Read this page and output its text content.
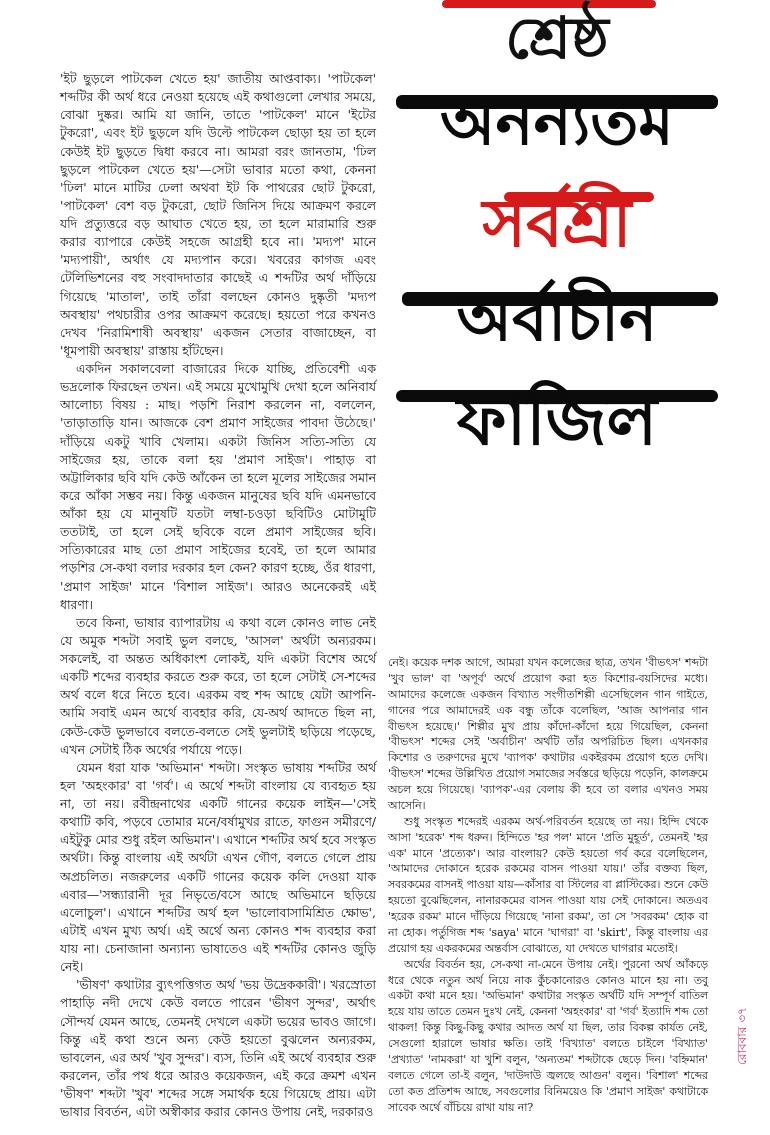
শ্রেষ্ঠ
অনন্যতম
সর্বশ্রী
অর্বাচীন
ফাজিল

'ইট ছুড়লে পাটকেল খেতে হয়' জাতীয় আপ্তবাক্য। 'পাটকেল' শব্দটির কী অর্থ ধরে নেওয়া হয়েছে এই কথাগুলো লেখার সময়ে, বোঝা দুষ্কর। আমি যা জানি, তাতে 'পাটকেল' মানে 'ইটের টুকরো', এবং ইট ছুড়লে যদি উল্টে পাটকেল ছোড়া হয় তা হলে কেউই ইট ছুড়তে দ্বিধা করবে না। আমরা বরং জানতাম, 'ঢিল ছুড়লে পাটকেল খেতে হয়'—সেটা ভাবার মতো কথা, কেননা 'ঢিল' মানে মাটির ঢেলা অথবা ইট কি পাথরের ছোট টুকরো, 'পাটকেল' বেশ বড় টুকরো, ছোট জিনিস দিয়ে আক্রমণ করলে যদি প্রত্যুত্তরে বড় আঘাত খেতে হয়, তা হলে মারামারি শুরু করার ব্যাপারে কেউই সহজে আগ্রহী হবে না। 'মদ্যপ' মানে 'মদ্যপায়ী', অর্থাৎ যে মদ্যপান করে। খবরের কাগজ এবং টেলিভিশনের বহু সংবাদদাতার কাছেই এ শব্দটির অর্থ দাঁড়িয়ে গিয়েছে 'মাতাল', তাই তাঁরা বলছেন কোনও দুষ্কৃতী 'মদ্যপ অবস্থায়' পথচারীর ওপর আক্রমণ করেছে। হয়তো পরে কখনও দেখব 'নিরামিশাষী অবস্থায়' একজন সেতার বাজাচ্ছেন, বা 'ধূমপায়ী অবস্থায়' রাস্তায় হাঁটছেন।

একদিন সকালবেলা বাজারের দিকে যাচ্ছি, প্রতিবেশী এক ভদ্রলোক ফিরছেন তখন। এই সময়ে মুখোমুখি দেখা হলে অনিবার্য আলোচ্য বিষয় : মাছ। পড়শি নিরাশ করলেন না, বললেন, 'তাড়াতাড়ি যান। আজকে বেশ প্রমাণ সাইজের পাবদা উঠেছে।' দাঁড়িয়ে একটু খাবি খেলাম। একটা জিনিস সত্যি-সত্যি যে সাইজের হয়, তাকে বলা হয় 'প্রমাণ সাইজ'। পাহাড় বা অট্টালিকার ছবি যদি কেউ আঁকেন তা হলে মূলের সাইজের সমান করে আঁকা সম্ভব নয়। কিন্তু একজন মানুষের ছবি যদি এমনভাবে আঁকা হয় যে মানুষটি যতটা লম্বা-চওড়া ছবিটিও মোটামুটি ততটাই, তা হলে সেই ছবিকে বলে প্রমাণ সাইজের ছবি। সত্যিকারের মাছ তো প্রমাণ সাইজের হবেই, তা হলে আমার পড়শির সে-কথা বলার দরকার হল কেন? কারণ হচ্ছে, ওঁর ধারণা, 'প্রমাণ সাইজ' মানে 'বিশাল সাইজ'। আরও অনেকেরই এই ধারণা।

তবে কিনা, ভাষার ব্যাপারটায় এ কথা বলে কোনও লাভ নেই যে অমুক শব্দটা সবাই ভুল বলছে, 'আসল' অর্থটা অন্যরকম। সকলেই, বা অন্তত অধিকাংশ লোকই, যদি একটা বিশেষ অর্থে একটি শব্দের ব্যবহার করতে শুরু করে, তা হলে সেটাই সে-শব্দের অর্থ বলে ধরে নিতে হবে। এরকম বহু শব্দ আছে যেটা আপনি-আমি সবাই এমন অর্থে ব্যবহার করি, যে-অর্থ আদতে ছিল না, কেউ-কেউ ভুলভাবে বলতে-বলতে সেই ভুলটাই ছড়িয়ে পড়েছে, এখন সেটাই ঠিক অর্থের পর্যায়ে পড়ে।

যেমন ধরা যাক 'অভিমান' শব্দটা। সংস্কৃত ভাষায় শব্দটির অর্থ হল 'অহংকার' বা 'গর্ব'। এ অর্থে শব্দটা বাংলায় যে ব্যবহৃত হয় না, তা নয়। রবীন্দ্রনাথের একটি গানের কয়েক লাইন—'সেই কথাটি কবি, পড়বে তোমার মনে/বর্ষামুখর রাতে, ফাগুন সমীরণে/এইটুকু মোর শুধু রইল অভিমান'। এখানে শব্দটির অর্থ হবে সংস্কৃত অর্থটা। কিন্তু বাংলায় এই অর্থটা এখন গৌণ, বলতে গেলে প্রায় অপ্রচলিত। নজরুলের একটি গানের কয়েক কলি দেওয়া যাক এবার—'সন্ধ্যারানী দূর নিভৃতে/বসে আছে অভিমানে ছড়িয়ে এলোচুল'। এখানে শব্দটির অর্থ হল 'ভালোবাসামিশ্রিত ক্ষোভ', এটাই এখন মুখ্য অর্থ। এই অর্থে অন্য কোনও শব্দ ব্যবহার করা যায় না। চেনাজানা অন্যান্য ভাষাতেও এই শব্দটির কোনও জুড়ি নেই।

'ভীষণ' কথাটার ব্যুৎপত্তিগত অর্থ 'ভয় উদ্রেককারী'। খরস্রোতা পাহাড়ি নদী দেখে কেউ বলতে পারেন 'ভীষণ সুন্দর', অর্থাৎ সৌন্দর্য যেমন আছে, তেমনই দেখলে একটা ভয়ের ভাবও জাগে। কিন্তু এই কথা শুনে অন্য কেউ হয়তো বুঝলেন অন্যরকম, ভাবলেন, এর অর্থ 'খুব সুন্দর'। ব্যস, তিনি এই অর্থে ব্যবহার শুরু করলেন, তাঁর পথ ধরে আরও কয়েকজন, এই করে ক্রমশ এখন 'ভীষণ' শব্দটা 'খুব' শব্দের সঙ্গে সমার্থক হয়ে গিয়েছে প্রায়। এটা ভাষার বিবর্তন, এটা অস্বীকার করার কোনও উপায় নেই, দরকারও

নেই। কয়েক দশক আগে, আমরা যখন কলেজের ছাত্র, তখন 'বীভৎস' শব্দটা 'খুব ভাল' বা 'অপূর্ব' অর্থে প্রয়োগ করা হত কিশোর-বয়সিদের মধ্যে। আমাদের কলেজে একজন বিখ্যাত সংগীতশিল্পী এসেছিলেন গান গাইতে, গানের পরে আমাদেরই এক বন্ধু তাঁকে বলেছিল, 'আজ আপনার গান বীভৎস হয়েছে।' শিল্পীর মুখ প্রায় কাঁদো-কাঁদো হয়ে গিয়েছিল, কেননা 'বীভৎস' শব্দের সেই 'অর্বাচীন' অর্থটি তাঁর অপরিচিত ছিল। এখনকার কিশোর ও তরুণদের মুখে 'ব্যাপক' কথাটার একইরকম প্রয়োগ হতে দেখি। 'বীভৎস' শব্দের উল্লিখিত প্রয়োগ সমাজের সর্বস্তরে ছড়িয়ে পড়েনি, কালক্রমে অচল হয়ে গিয়েছে। 'ব্যাপক'-এর বেলায় কী হবে তা বলার এখনও সময় আসেনি।

শুধু সংস্কৃত শব্দেরই এরকম অর্থ-পরিবর্তন হয়েছে তা নয়। হিন্দি থেকে আসা 'হরেক' শব্দ ধরুন। হিন্দিতে 'হর পল' মানে 'প্রতি মুহূর্ত', তেমনই 'হর এক' মানে 'প্রত্যেক'। আর বাংলায়? কেউ হয়তো গর্ব করে বলেছিলেন, 'আমাদের দোকানে হরেক রকমের বাসন পাওয়া যায়।' তাঁর বক্তব্য ছিল, সবরকমের বাসনই পাওয়া যায়—কাঁসার বা স্টিলের বা প্লাস্টিকের। শুনে কেউ হয়তো বুঝেছিলেন, নানারকমের বাসন পাওয়া যায় সেই দোকানে। অতএব 'হরেক রকম' মানে দাঁড়িয়ে গিয়েছে 'নানা রকম', তা সে 'সবরকম' হোক বা না হোক। পর্তুগিজ শব্দ 'saya' মানে 'ঘাগরা' বা 'skirt', কিন্তু বাংলায় এর প্রয়োগ হয় একরকমের অন্তর্বাস বোঝাতে, যা দেখতে ঘাগরার মতোই।

অর্থের বিবর্তন হয়, সে-কথা না-মেনে উপায় নেই। পুরনো অর্থ আঁকড়ে ধরে থেকে নতুন অর্থ নিয়ে নাক কুঁচকানোরও কোনও মানে হয় না। তবু একটা কথা মনে হয়। 'অভিমান' কথাটার সংস্কৃত অর্থটি যদি সম্পূর্ণ বাতিল হয়ে যায় তাতে তেমন দুঃখ নেই, কেননা 'অহংকার' বা 'গর্ব' ইত্যাদি শব্দ তো থাকল! কিন্তু কিছু-কিছু কথার আদত অর্থ যা ছিল, তার বিকল্প কার্যত নেই, সেগুলো হারালে ভাষার ক্ষতি। তাই 'বিখ্যাত' বলতে চাইলে 'বিখ্যাত' 'প্রখ্যাত' 'নামকরা' যা খুশি বলুন, 'অন্যতম' শব্দটাকে ছেড়ে দিন। 'বহ্নিমান' বলতে গেলে তা-ই বলুন, 'দাউদাউ জ্বলছে আগুন' বলুন। 'বিশাল' শব্দের তো কত প্রতিশব্দ আছে, সবগুলোর বিনিময়েও কি 'প্রমাণ সাইজ' কথাটাকে সাবেক অর্থে বাঁচিয়ে রাখা যায় না?

রোববার ৩৭
